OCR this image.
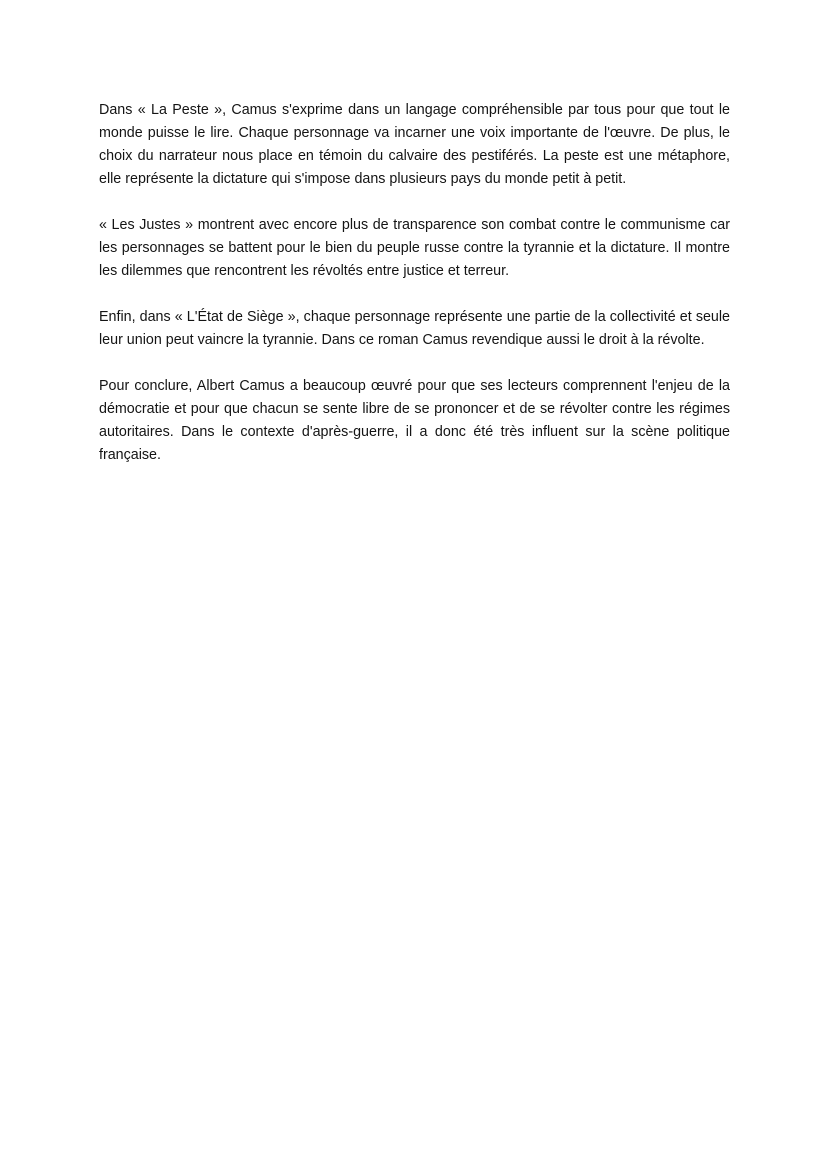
Dans « La Peste », Camus s'exprime dans un langage compréhensible par tous pour que tout le monde puisse le lire. Chaque personnage va incarner une voix importante de l'œuvre. De plus, le choix du narrateur nous place en témoin du calvaire des pestiférés. La peste est une métaphore, elle représente la dictature qui s'impose dans plusieurs pays du monde petit à petit.

« Les Justes » montrent avec encore plus de transparence son combat contre le communisme car les personnages se battent pour le bien du peuple russe contre la tyrannie et la dictature. Il montre les dilemmes que rencontrent les révoltés entre justice et terreur.

Enfin, dans « L'État de Siège », chaque personnage représente une partie de la collectivité et seule leur union peut vaincre la tyrannie. Dans ce roman Camus revendique aussi le droit à la révolte.

Pour conclure, Albert Camus a beaucoup œuvré pour que ses lecteurs comprennent l'enjeu de la démocratie et pour que chacun se sente libre de se prononcer et de se révolter contre les régimes autoritaires. Dans le contexte d'après-guerre, il a donc été très influent sur la scène politique française.
